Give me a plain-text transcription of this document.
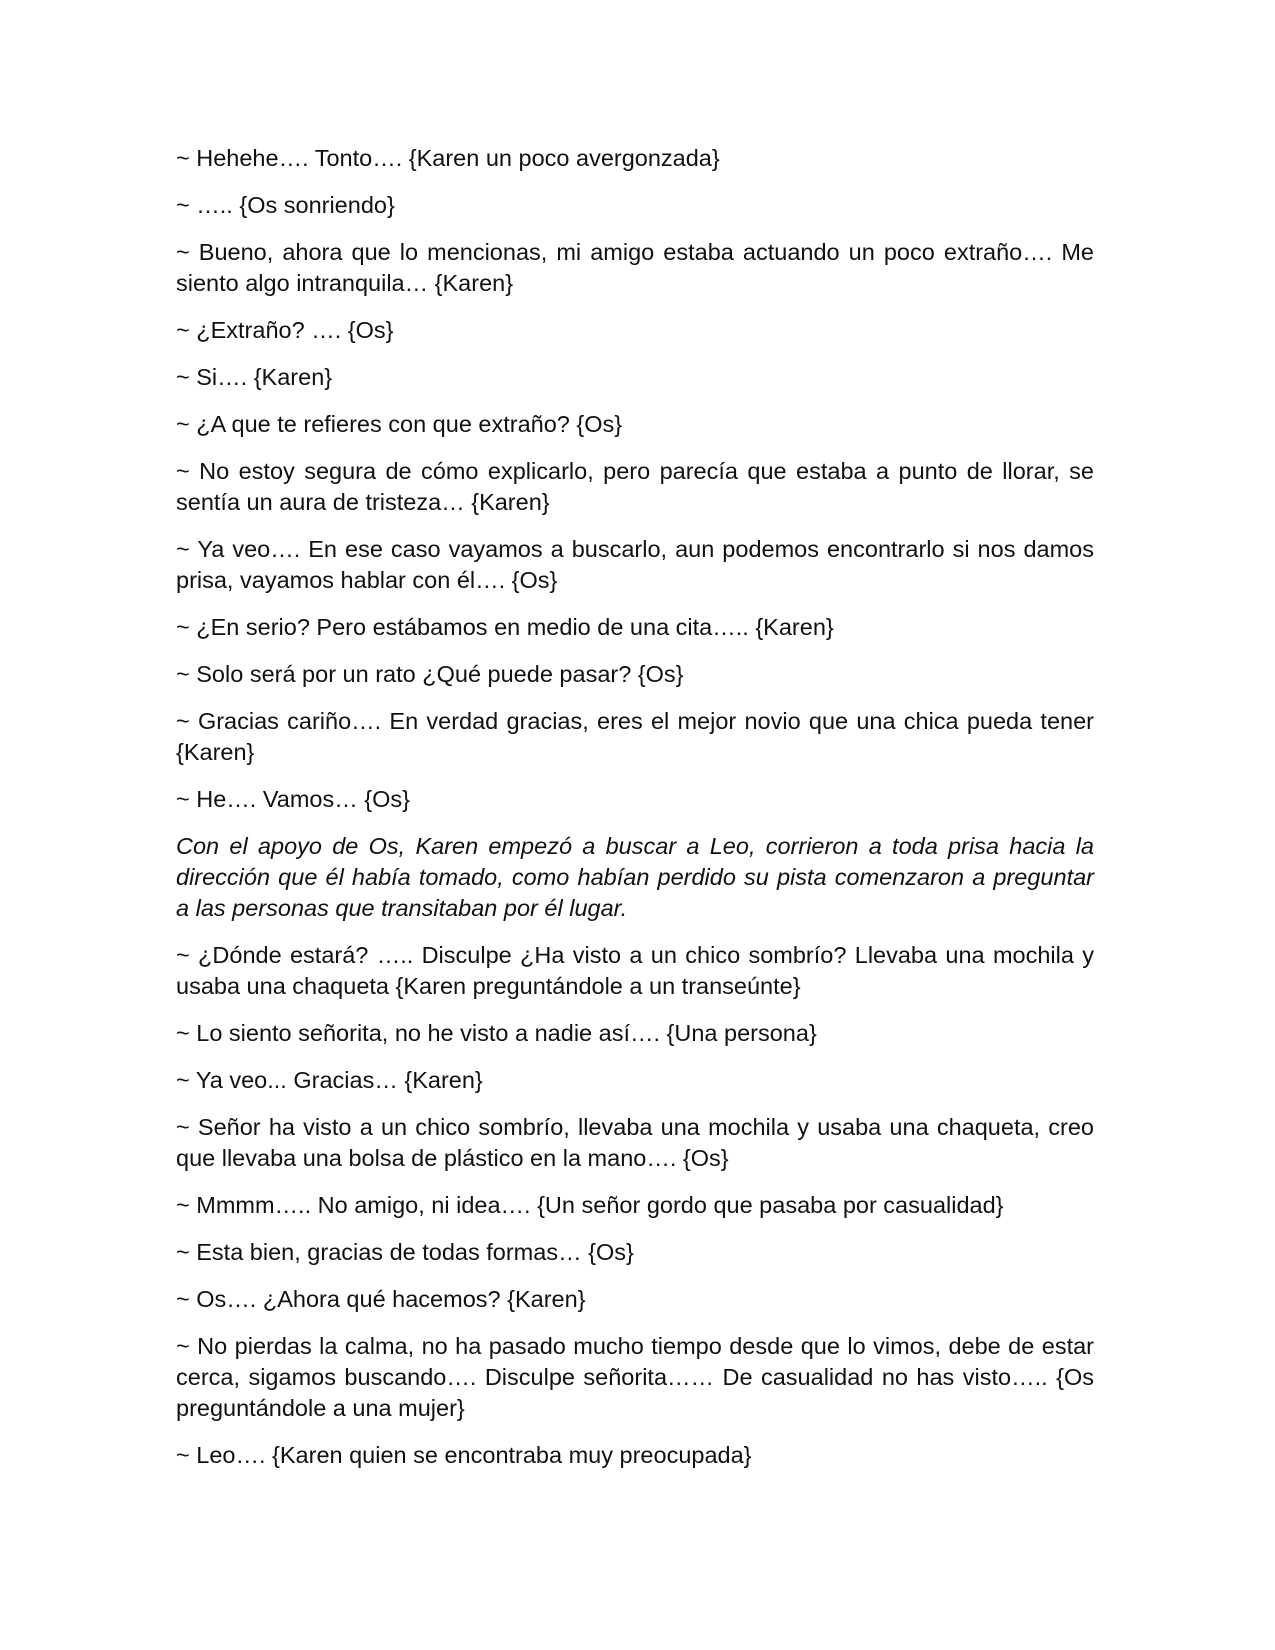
~ Hehehe…. Tonto…. {Karen un poco avergonzada}

~ ….. {Os sonriendo}

~ Bueno, ahora que lo mencionas, mi amigo estaba actuando un poco extraño…. Me siento algo intranquila… {Karen}

~ ¿Extraño? …. {Os}

~ Si…. {Karen}

~ ¿A que te refieres con que extraño? {Os}

~ No estoy segura de cómo explicarlo, pero parecía que estaba a punto de llorar, se sentía un aura de tristeza… {Karen}

~ Ya veo…. En ese caso vayamos a buscarlo, aun podemos encontrarlo si nos damos prisa, vayamos hablar con él…. {Os}

~ ¿En serio? Pero estábamos en medio de una cita….. {Karen}

~ Solo será por un rato ¿Qué puede pasar? {Os}

~ Gracias cariño…. En verdad gracias, eres el mejor novio que una chica pueda tener {Karen}

~ He…. Vamos… {Os}

Con el apoyo de Os, Karen empezó a buscar a Leo, corrieron a toda prisa hacia la dirección que él había tomado, como habían perdido su pista comenzaron a preguntar a las personas que transitaban por él lugar.

~ ¿Dónde estará? ….. Disculpe ¿Ha visto a un chico sombrío? Llevaba una mochila y usaba una chaqueta {Karen preguntándole a un transeúnte}

~ Lo siento señorita, no he visto a nadie así…. {Una persona}

~ Ya veo... Gracias… {Karen}

~ Señor ha visto a un chico sombrío, llevaba una mochila y usaba una chaqueta, creo que llevaba una bolsa de plástico en la mano…. {Os}

~ Mmmm….. No amigo, ni idea…. {Un señor gordo que pasaba por casualidad}

~ Esta bien, gracias de todas formas… {Os}

~ Os…. ¿Ahora qué hacemos? {Karen}

~ No pierdas la calma, no ha pasado mucho tiempo desde que lo vimos, debe de estar cerca, sigamos buscando…. Disculpe señorita…… De casualidad no has visto….. {Os preguntándole a una mujer}

~ Leo…. {Karen quien se encontraba muy preocupada}
